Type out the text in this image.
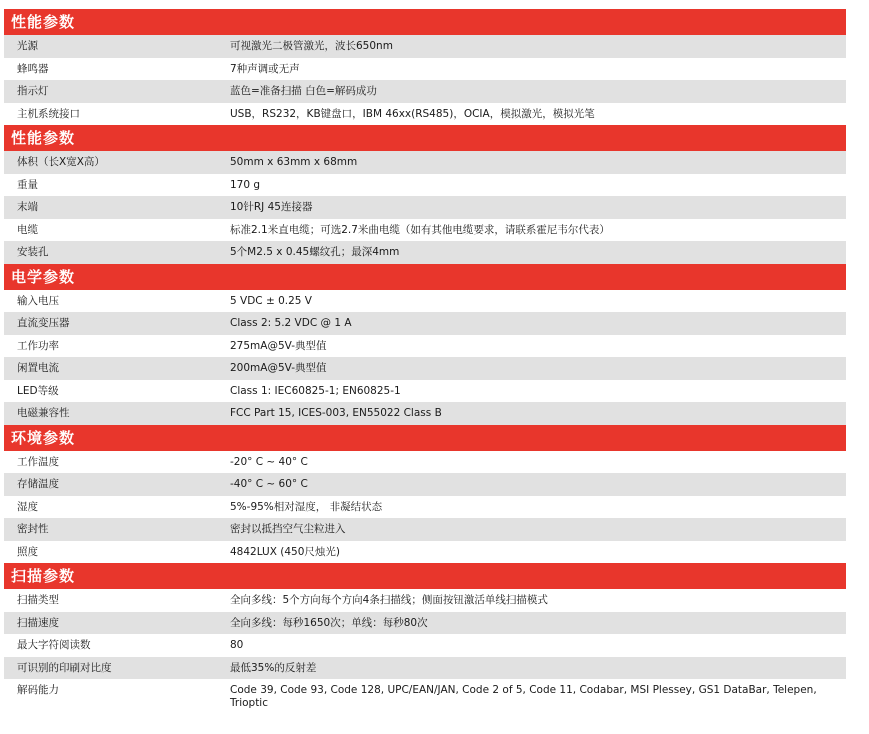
性能参数
光源	可视激光二极管激光，波长650nm
蜂鸣器	7种声调或无声
指示灯	蓝色=准备扫描 白色=解码成功
主机系统接口	USB，RS232，KB键盘口，IBM 46xx(RS485)，OCIA，模拟激光，模拟光笔
性能参数
体积（长X宽X高）	50mm x 63mm x 68mm
重量	170 g
末端	10针RJ 45连接器
电缆	标准2.1米直电缆；可选2.7米曲电缆（如有其他电缆要求，请联系霍尼韦尔代表）
安装孔	5个M2.5 x 0.45螺纹孔；最深4mm
电学参数
输入电压	5 VDC ± 0.25 V
直流变压器	Class 2: 5.2 VDC @ 1 A
工作功率	275mA@5V-典型值
闲置电流	200mA@5V-典型值
LED等级	Class 1: IEC60825-1; EN60825-1
电磁兼容性	FCC Part 15, ICES-003, EN55022 Class B
环境参数
工作温度	-20° C ~ 40° C
存储温度	-40° C ~ 60° C
湿度	5%-95%相对湿度， 非凝结状态
密封性	密封以抵挡空气尘粒进入
照度	4842LUX (450尺烛光)
扫描参数
扫描类型	全向多线：5个方向每个方向4条扫描线；侧面按钮激活单线扫描模式
扫描速度	全向多线：每秒1650次；单线：每秒80次
最大字符阅读数	80
可识别的印刷对比度	最低35%的反射差
解码能力	Code 39, Code 93, Code 128, UPC/EAN/JAN, Code 2 of 5, Code 11, Codabar, MSI Plessey, GS1 DataBar, Telepen, Trioptic
